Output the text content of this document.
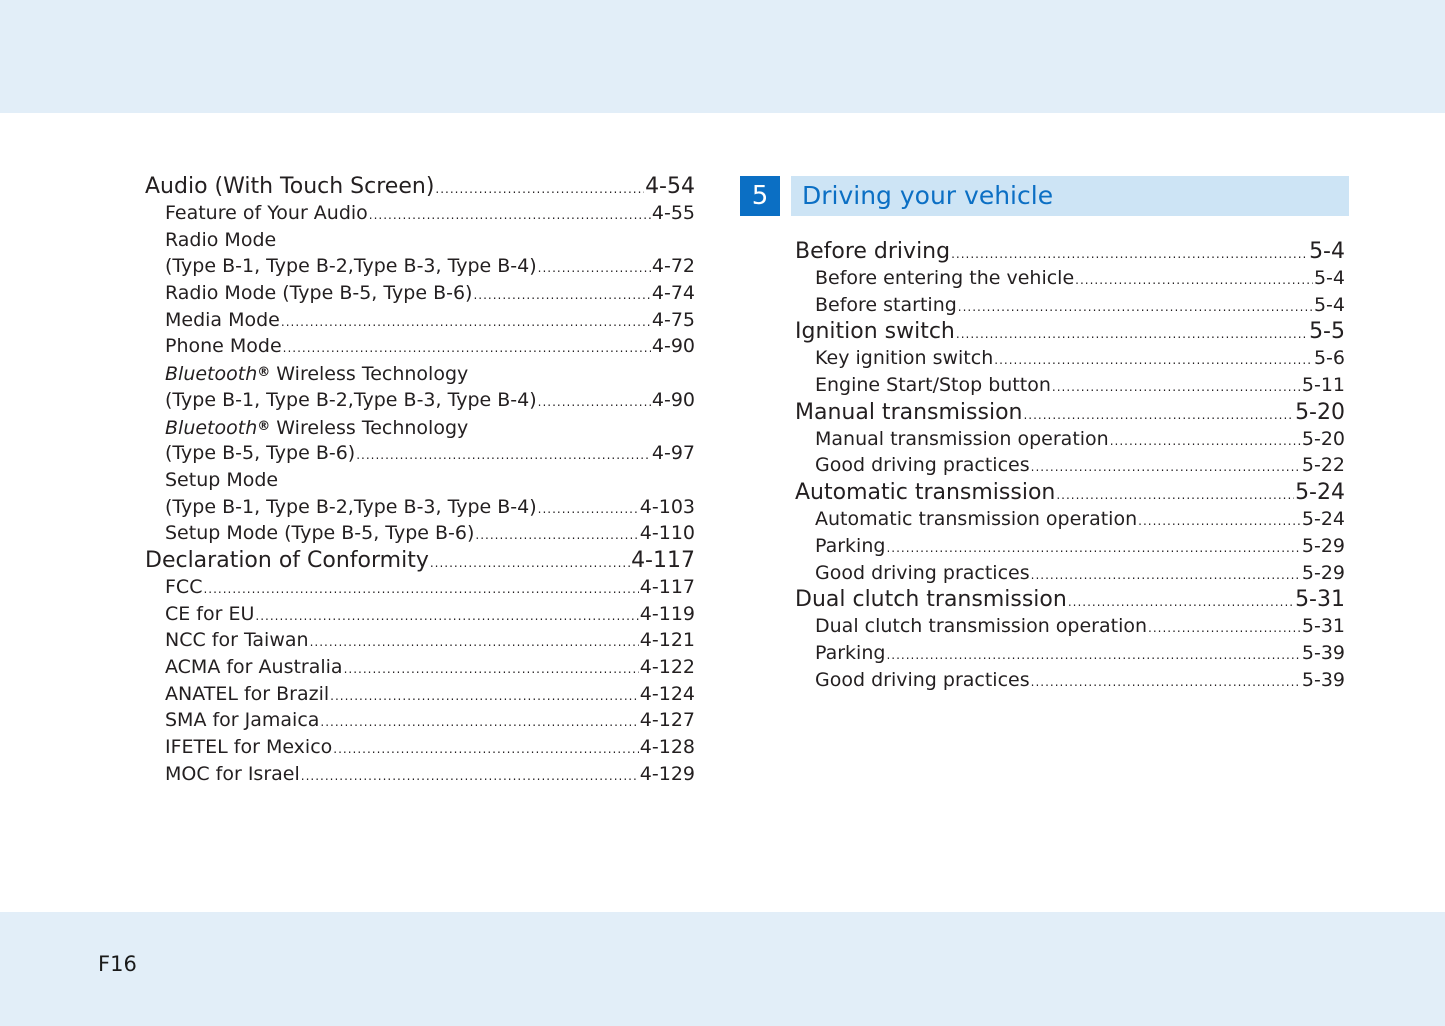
Audio (With Touch Screen) .....	4-54
Feature of Your Audio .....	4-55
Radio Mode
(Type B-1, Type B-2,Type B-3, Type B-4) .....	4-72
Radio Mode (Type B-5, Type B-6) .....	4-74
Media Mode .....	4-75
Phone Mode .....	4-90
Bluetooth® Wireless Technology
(Type B-1, Type B-2,Type B-3, Type B-4) .....	4-90
Bluetooth® Wireless Technology
(Type B-5, Type B-6) .....	4-97
Setup Mode
(Type B-1, Type B-2,Type B-3, Type B-4) .....	4-103
Setup Mode (Type B-5, Type B-6) .....	4-110
Declaration of Conformity .....	4-117
FCC .....	4-117
CE for EU .....	4-119
NCC for Taiwan .....	4-121
ACMA for Australia .....	4-122
ANATEL for Brazil .....	4-124
SMA for Jamaica .....	4-127
IFETEL for Mexico .....	4-128
MOC for Israel .....	4-129
5	Driving your vehicle
Before driving .....	5-4
Before entering the vehicle .....	5-4
Before starting .....	5-4
Ignition switch .....	5-5
Key ignition switch .....	5-6
Engine Start/Stop button .....	5-11
Manual transmission .....	5-20
Manual transmission operation .....	5-20
Good driving practices .....	5-22
Automatic transmission .....	5-24
Automatic transmission operation .....	5-24
Parking .....	5-29
Good driving practices .....	5-29
Dual clutch transmission .....	5-31
Dual clutch transmission operation .....	5-31
Parking .....	5-39
Good driving practices .....	5-39
F16
